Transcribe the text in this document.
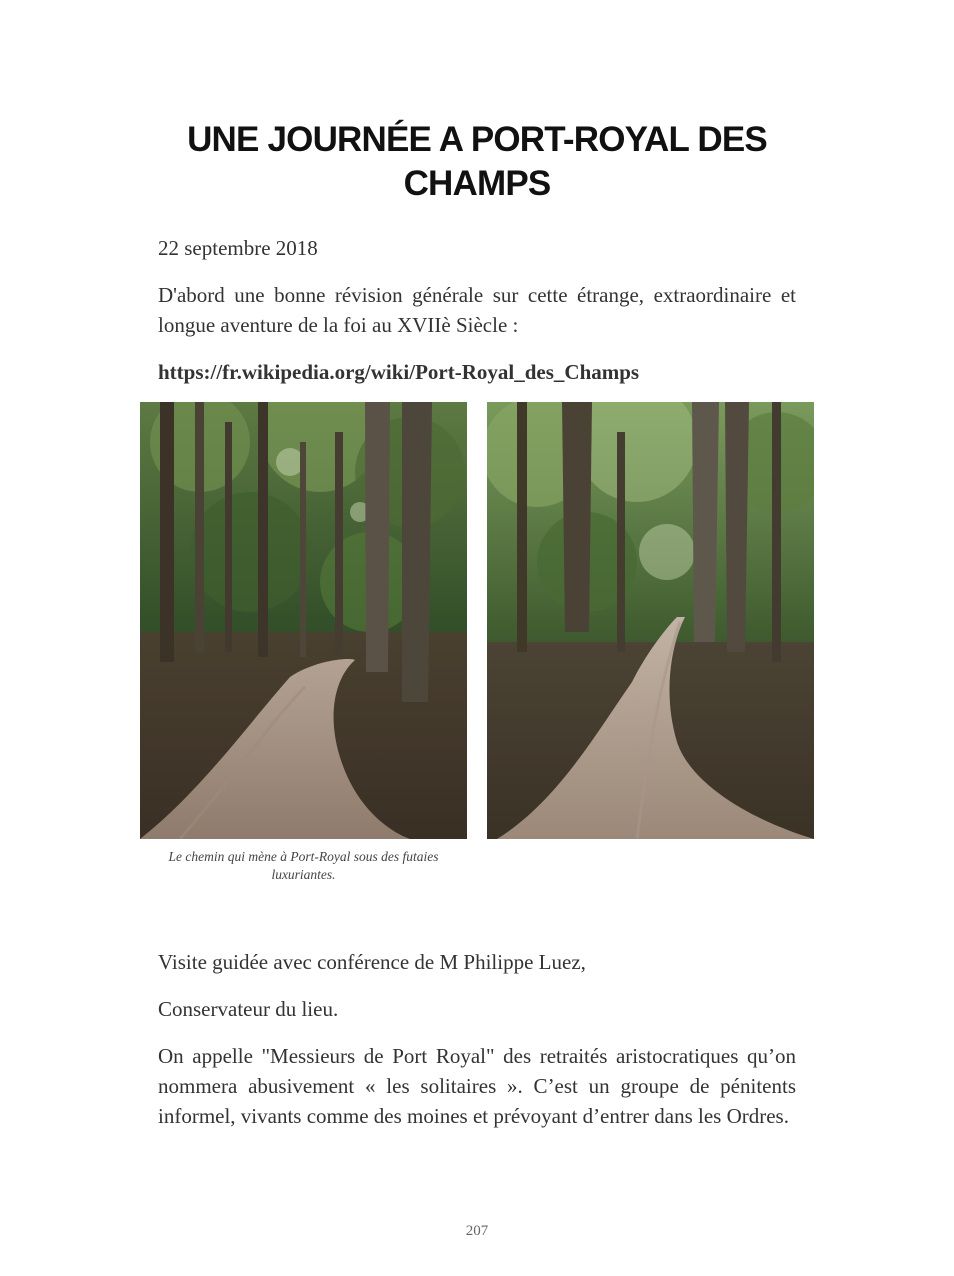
UNE JOURNÉE A PORT-ROYAL DES CHAMPS

22 septembre 2018

D'abord une bonne révision générale sur cette étrange, extraordinaire et longue aventure de la foi au XVIIè Siècle :

https://fr.wikipedia.org/wiki/Port-Royal_des_Champs

Le chemin qui mène à Port-Royal sous des futaies luxuriantes.

Visite guidée avec conférence de M Philippe Luez,

Conservateur du lieu.

On appelle "Messieurs de Port Royal" des retraités aristocratiques qu’on nommera abusivement « les solitaires ». C’est un groupe de pénitents informel, vivants comme des moines et prévoyant d’entrer dans les Ordres.

207
